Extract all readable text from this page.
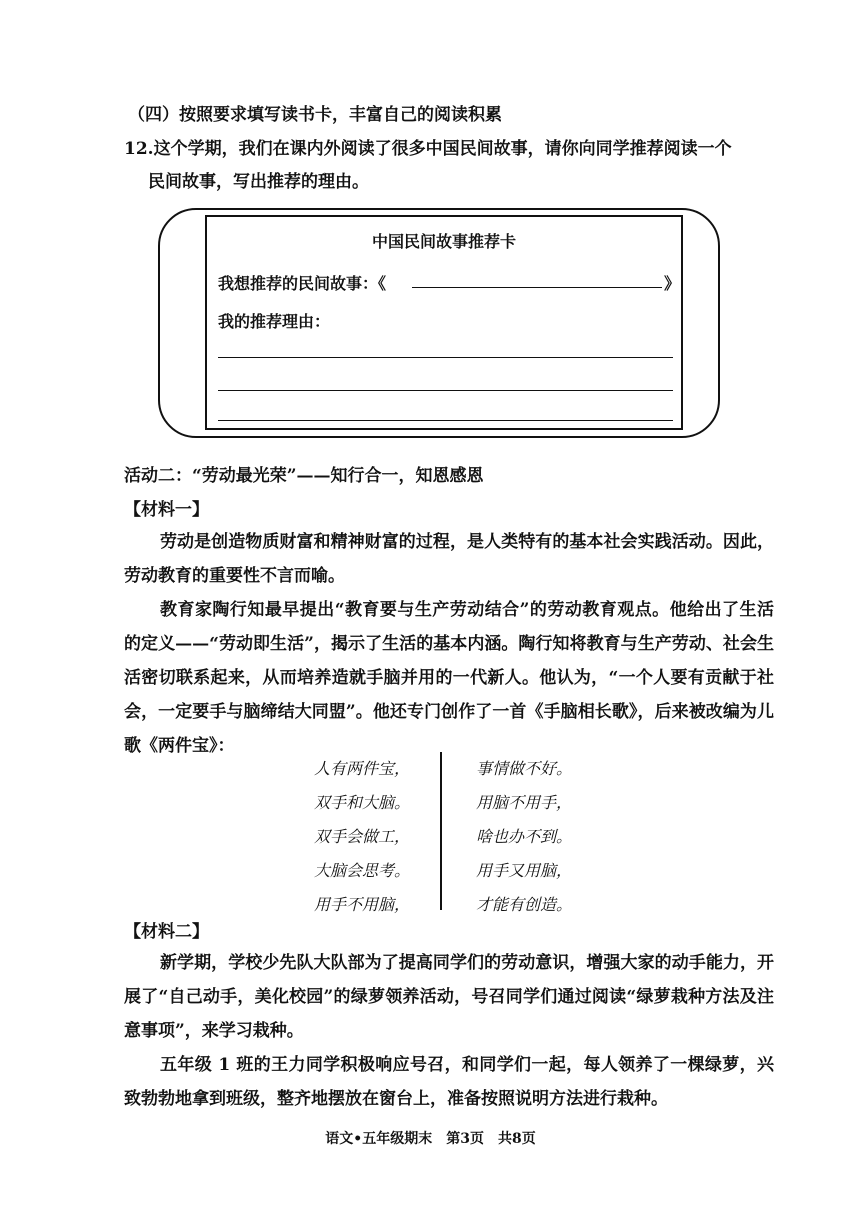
（四）按照要求填写读书卡，丰富自己的阅读积累
12.这个学期，我们在课内外阅读了很多中国民间故事，请你向同学推荐阅读一个
民间故事，写出推荐的理由。
中国民间故事推荐卡
我想推荐的民间故事：《	》
我的推荐理由：
活动二：“劳动最光荣”——知行合一，知恩感恩
【材料一】

劳动是创造物质财富和精神财富的过程，是人类特有的基本社会实践活动。因此，劳动教育的重要性不言而喻。

教育家陶行知最早提出“教育要与生产劳动结合”的劳动教育观点。他给出了生活的定义——“劳动即生活”，揭示了生活的基本内涵。陶行知将教育与生产劳动、社会生活密切联系起来，从而培养造就手脑并用的一代新人。他认为，“一个人要有贡献于社会，一定要手与脑缔结大同盟”。他还专门创作了一首《手脑相长歌》，后来被改编为儿歌《两件宝》：

人有两件宝，
双手和大脑。
双手会做工，
大脑会思考。
用手不用脑，
事情做不好。
用脑不用手，
啥也办不到。
用手又用脑，
才能有创造。
【材料二】

新学期，学校少先队大队部为了提高同学们的劳动意识，增强大家的动手能力，开展了“自己动手，美化校园”的绿萝领养活动，号召同学们通过阅读“绿萝栽种方法及注意事项”，来学习栽种。

五年级 1 班的王力同学积极响应号召，和同学们一起，每人领养了一棵绿萝，兴致勃勃地拿到班级，整齐地摆放在窗台上，准备按照说明方法进行栽种。

语文•五年级期末　第3页　共8页
